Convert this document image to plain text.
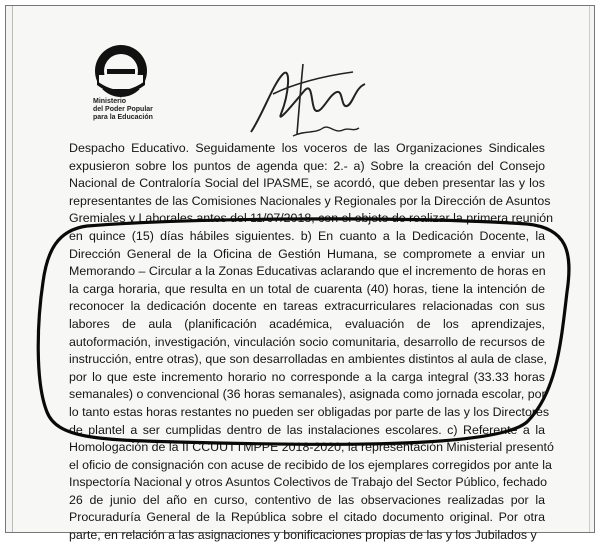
Ministerio
del Poder Popular
para la Educación
Despacho Educativo. Seguidamente los voceros de las Organizaciones Sindicales
expusieron sobre los puntos de agenda que: 2.- a) Sobre la creación del Consejo
Nacional de Contraloría Social del IPASME, se acordó, que deben presentar las y los
representantes de las Comisiones Nacionales y Regionales por la Dirección de Asuntos
Gremiales y Laborales antes del 11/07/2018, con el objeto de realizar la primera reunión
en quince (15) días hábiles siguientes. b) En cuanto a la Dedicación Docente, la
Dirección General de la Oficina de Gestión Humana, se compromete a enviar un
Memorando – Circular a la Zonas Educativas aclarando que el incremento de horas en
la carga horaria, que resulta en un total de cuarenta (40) horas, tiene la intención de
reconocer la dedicación docente en tareas extracurriculares relacionadas con sus
labores de aula (planificación académica, evaluación de los aprendizajes,
autoformación, investigación, vinculación socio comunitaria, desarrollo de recursos de
instrucción, entre otras), que son desarrolladas en ambientes distintos al aula de clase,
por lo que este incremento horario no corresponde a la carga integral (33.33 horas
semanales) o convencional (36 horas semanales), asignada como jornada escolar, por
lo tanto estas horas restantes no pueden ser obligadas por parte de las y los Directores
de plantel a ser cumplidas dentro de las instalaciones escolares. c) Referente a la
Homologación de la II CCUUTTMPPE 2018-2020, la representación Ministerial presentó
el oficio de consignación con acuse de recibido de los ejemplares corregidos por ante la
Inspectoría Nacional y otros Asuntos Colectivos de Trabajo del Sector Público, fechado
26 de junio del año en curso, contentivo de las observaciones realizadas por la
Procuraduría General de la República sobre el citado documento original. Por otra
parte, en relación a las asignaciones y bonificaciones propias de las y los Jubilados y
